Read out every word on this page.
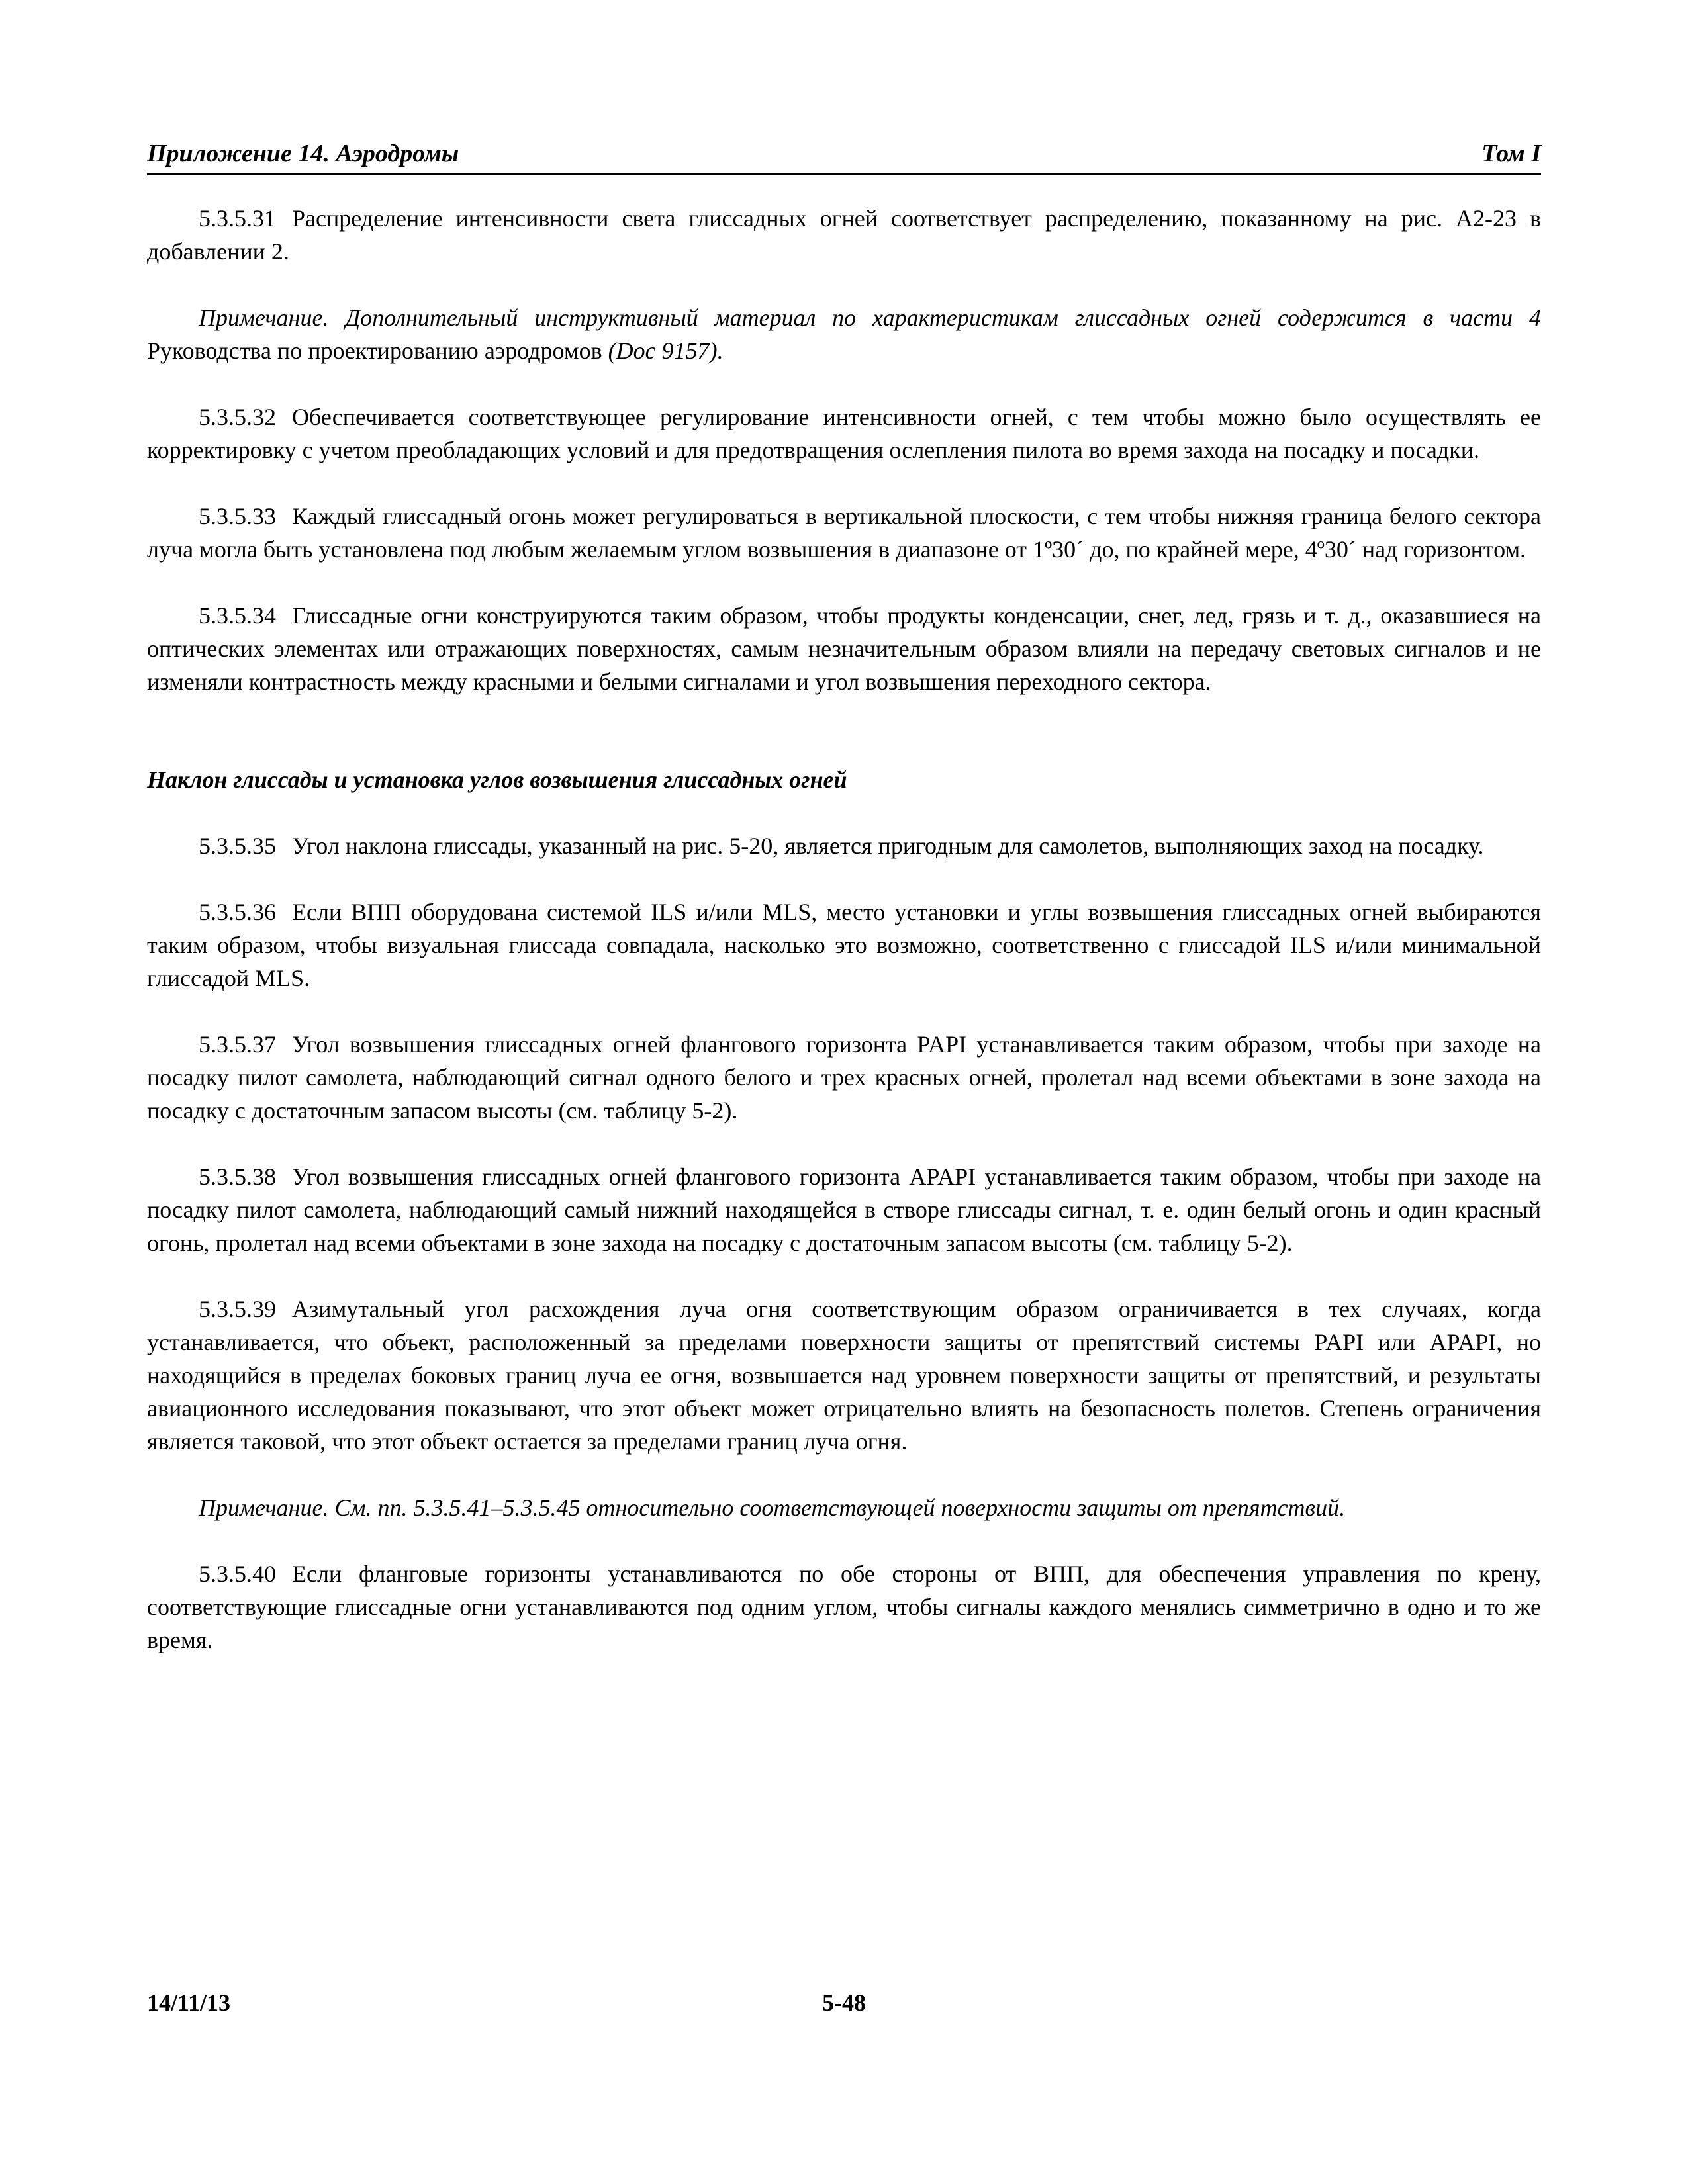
Приложение 14. Аэродромы	Том I

5.3.5.31 Распределение интенсивности света глиссадных огней соответствует распределению, показанному на рис. А2-23 в добавлении 2.

Примечание. Дополнительный инструктивный материал по характеристикам глиссадных огней содержится в части 4 Руководства по проектированию аэродромов (Doc 9157).

5.3.5.32 Обеспечивается соответствующее регулирование интенсивности огней, с тем чтобы можно было осуществлять ее корректировку с учетом преобладающих условий и для предотвращения ослепления пилота во время захода на посадку и посадки.

5.3.5.33 Каждый глиссадный огонь может регулироваться в вертикальной плоскости, с тем чтобы нижняя граница белого сектора луча могла быть установлена под любым желаемым углом возвышения в диапазоне от 1º30´ до, по крайней мере, 4º30´ над горизонтом.

5.3.5.34 Глиссадные огни конструируются таким образом, чтобы продукты конденсации, снег, лед, грязь и т. д., оказавшиеся на оптических элементах или отражающих поверхностях, самым незначительным образом влияли на передачу световых сигналов и не изменяли контрастность между красными и белыми сигналами и угол возвышения переходного сектора.

Наклон глиссады и установка углов возвышения глиссадных огней

5.3.5.35 Угол наклона глиссады, указанный на рис. 5-20, является пригодным для самолетов, выполняющих заход на посадку.

5.3.5.36 Если ВПП оборудована системой ILS и/или MLS, место установки и углы возвышения глиссадных огней выбираются таким образом, чтобы визуальная глиссада совпадала, насколько это возможно, соответственно с глиссадой ILS и/или минимальной глиссадой MLS.

5.3.5.37 Угол возвышения глиссадных огней флангового горизонта PAPI устанавливается таким образом, чтобы при заходе на посадку пилот самолета, наблюдающий сигнал одного белого и трех красных огней, пролетал над всеми объектами в зоне захода на посадку с достаточным запасом высоты (см. таблицу 5-2).

5.3.5.38 Угол возвышения глиссадных огней флангового горизонта APAPI устанавливается таким образом, чтобы при заходе на посадку пилот самолета, наблюдающий самый нижний находящейся в створе глиссады сигнал, т. е. один белый огонь и один красный огонь, пролетал над всеми объектами в зоне захода на посадку с достаточным запасом высоты (см. таблицу 5-2).

5.3.5.39 Азимутальный угол расхождения луча огня соответствующим образом ограничивается в тех случаях, когда устанавливается, что объект, расположенный за пределами поверхности защиты от препятствий системы PAPI или APAPI, но находящийся в пределах боковых границ луча ее огня, возвышается над уровнем поверхности защиты от препятствий, и результаты авиационного исследования показывают, что этот объект может отрицательно влиять на безопасность полетов. Степень ограничения является таковой, что этот объект остается за пределами границ луча огня.

Примечание. См. пп. 5.3.5.41–5.3.5.45 относительно соответствующей поверхности защиты от препятствий.

5.3.5.40 Если фланговые горизонты устанавливаются по обе стороны от ВПП, для обеспечения управления по крену, соответствующие глиссадные огни устанавливаются под одним углом, чтобы сигналы каждого менялись симметрично в одно и то же время.

14/11/13	5-48
